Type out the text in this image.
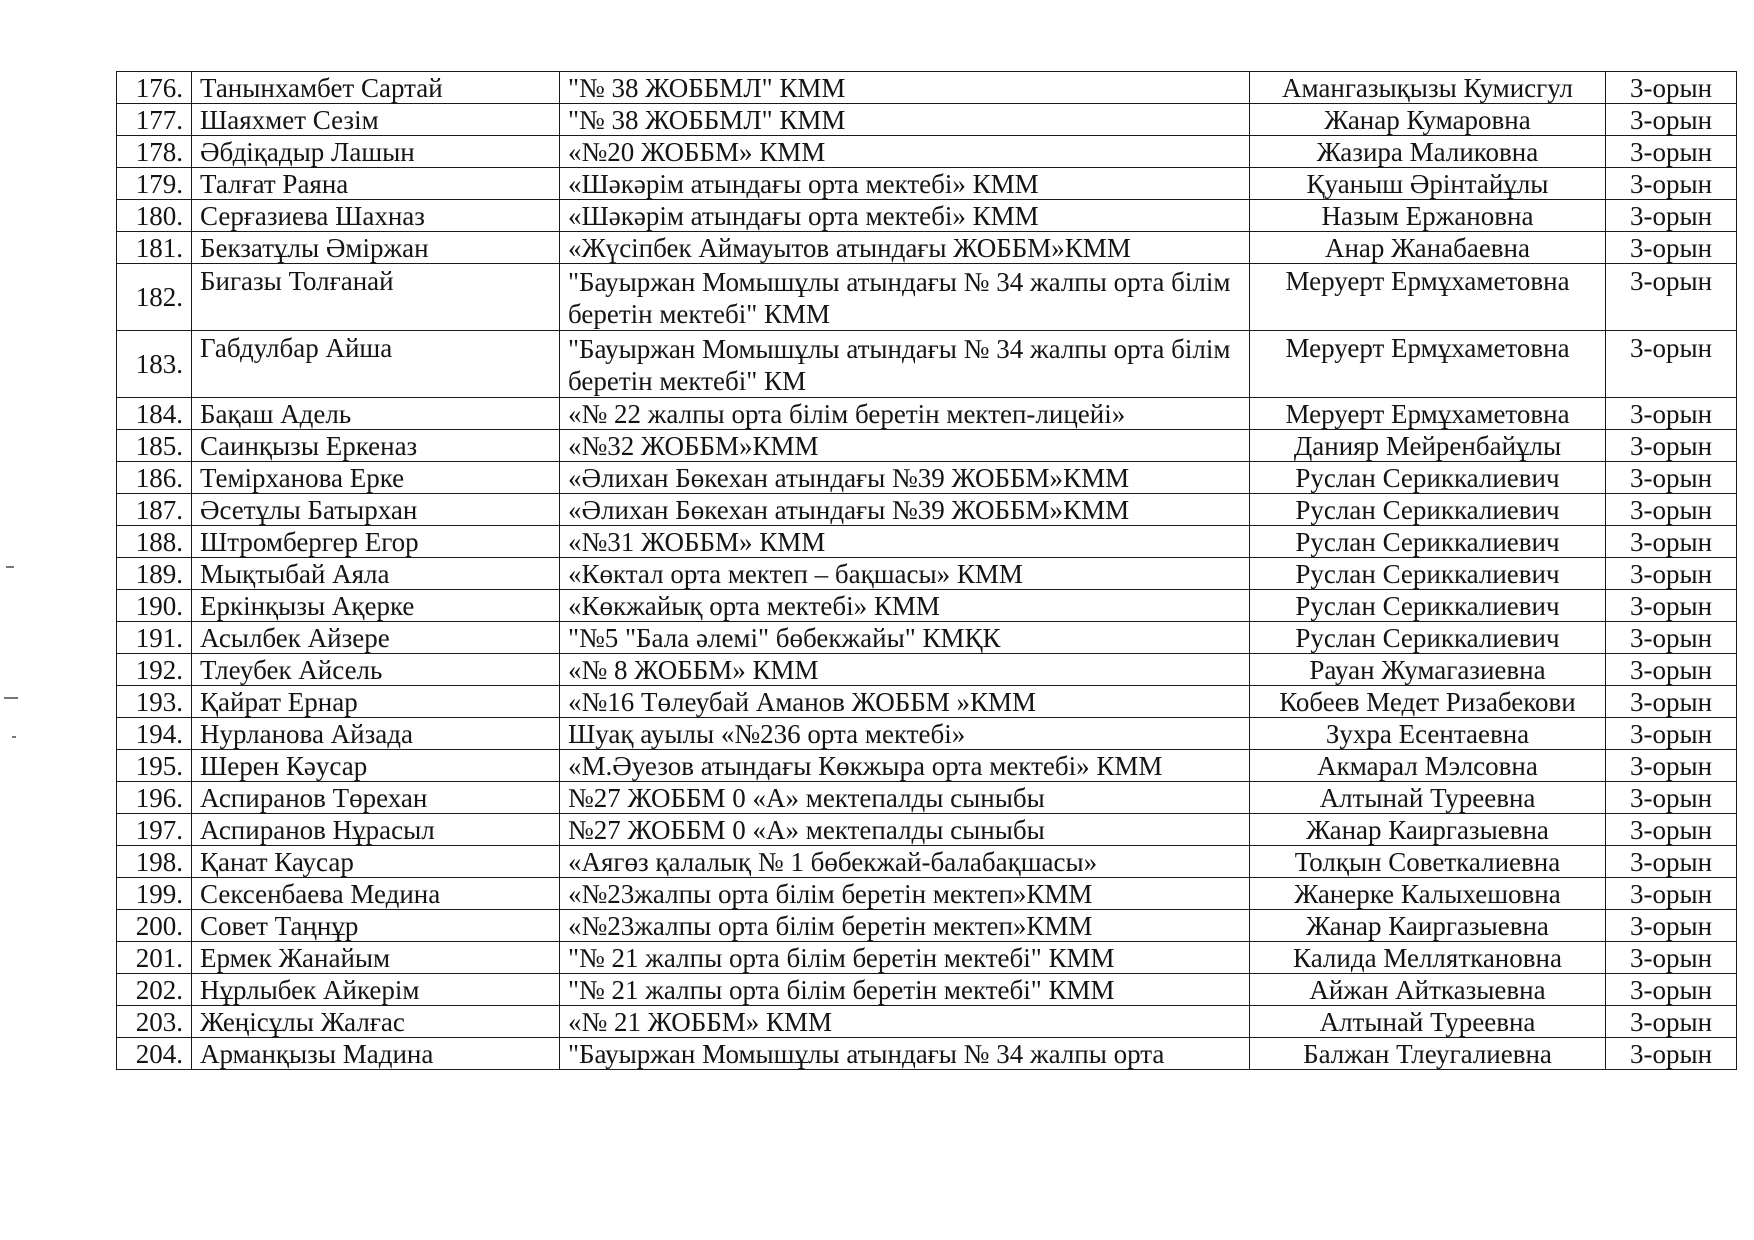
176.	Танынхамбет Сартай	"№ 38 ЖОББМЛ" КММ	Амангазықызы Кумисгул	3-орын
177.	Шаяхмет Сезім	"№ 38 ЖОББМЛ" КММ	Жанар Кумаровна	3-орын
178.	Әбдіқадыр Лашын	«№20 ЖОББМ» КММ	Жазира Маликовна	3-орын
179.	Талғат Раяна	«Шәкәрім атындағы орта мектебі» КММ	Қуаныш Әрінтайұлы	3-орын
180.	Серғазиева Шахназ	«Шәкәрім атындағы орта мектебі» КММ	Назым Ержановна	3-орын
181.	Бекзатұлы Әміржан	«Жүсіпбек Аймауытов атындағы ЖОББМ»КММ	Анар Жанабаевна	3-орын
182.	Бигазы Толғанай	"Бауыржан Момышұлы атындағы № 34 жалпы орта білім беретін мектебі" КММ	Меруерт Ермұхаметовна	3-орын
183.	Габдулбар Айша	"Бауыржан Момышұлы атындағы № 34 жалпы орта білім беретін мектебі" КМ	Меруерт Ермұхаметовна	3-орын
184.	Бақаш Адель	«№ 22 жалпы орта білім беретін мектеп-лицейі»	Меруерт Ермұхаметовна	3-орын
185.	Саинқызы Еркеназ	«№32 ЖОББМ»КММ	Данияр Мейренбайұлы	3-орын
186.	Темірханова Ерке	«Әлихан Бөкехан атындағы №39 ЖОББМ»КММ	Руслан Сериккалиевич	3-орын
187.	Әсетұлы Батырхан	«Әлихан Бөкехан атындағы №39 ЖОББМ»КММ	Руслан Сериккалиевич	3-орын
188.	Штромбергер Егор	«№31 ЖОББМ» КММ	Руслан Сериккалиевич	3-орын
189.	Мықтыбай Аяла	«Көктал орта мектеп – бақшасы» КММ	Руслан Сериккалиевич	3-орын
190.	Еркінқызы Ақерке	«Көкжайық орта мектебі» КММ	Руслан Сериккалиевич	3-орын
191.	Асылбек Айзере	"№5 "Бала әлемі" бөбекжайы" КМҚК	Руслан Сериккалиевич	3-орын
192.	Тлеубек Айсель	«№ 8 ЖОББМ» КММ	Рауан Жумагазиевна	3-орын
193.	Қайрат Ернар	«№16 Төлеубай Аманов ЖОББМ »КММ	Кобеев Медет Ризабекови	3-орын
194.	Нурланова Айзада	Шуақ ауылы «№236 орта мектебі»	Зухра Есентаевна	3-орын
195.	Шерен Кәусар	«М.Әуезов атындағы Көкжыра орта мектебі» КММ	Акмарал Мэлсовна	3-орын
196.	Аспиранов Төрехан	№27 ЖОББМ 0 «А» мектепалды сыныбы	Алтынай Туреевна	3-орын
197.	Аспиранов Нұрасыл	№27 ЖОББМ 0 «А» мектепалды сыныбы	Жанар Каиргазыевна	3-орын
198.	Қанат Каусар	«Аягөз қалалық № 1 бөбекжай-балабақшасы»	Толқын Советкалиевна	3-орын
199.	Сексенбаева Медина	«№23жалпы орта білім беретін мектеп»КММ	Жанерке Калыхешовна	3-орын
200.	Совет Таңнұр	«№23жалпы орта білім беретін мектеп»КММ	Жанар Каиргазыевна	3-орын
201.	Ермек Жанайым	"№ 21 жалпы орта білім беретін мектебі" КММ	Калида Мелляткановна	3-орын
202.	Нұрлыбек Айкерім	"№ 21 жалпы орта білім беретін мектебі" КММ	Айжан Айтказыевна	3-орын
203.	Жеңісұлы Жалғас	«№ 21 ЖОББМ» КММ	Алтынай Туреевна	3-орын
204.	Арманқызы Мадина	"Бауыржан Момышұлы атындағы № 34 жалпы орта	Балжан Тлеугалиевна	3-орын
